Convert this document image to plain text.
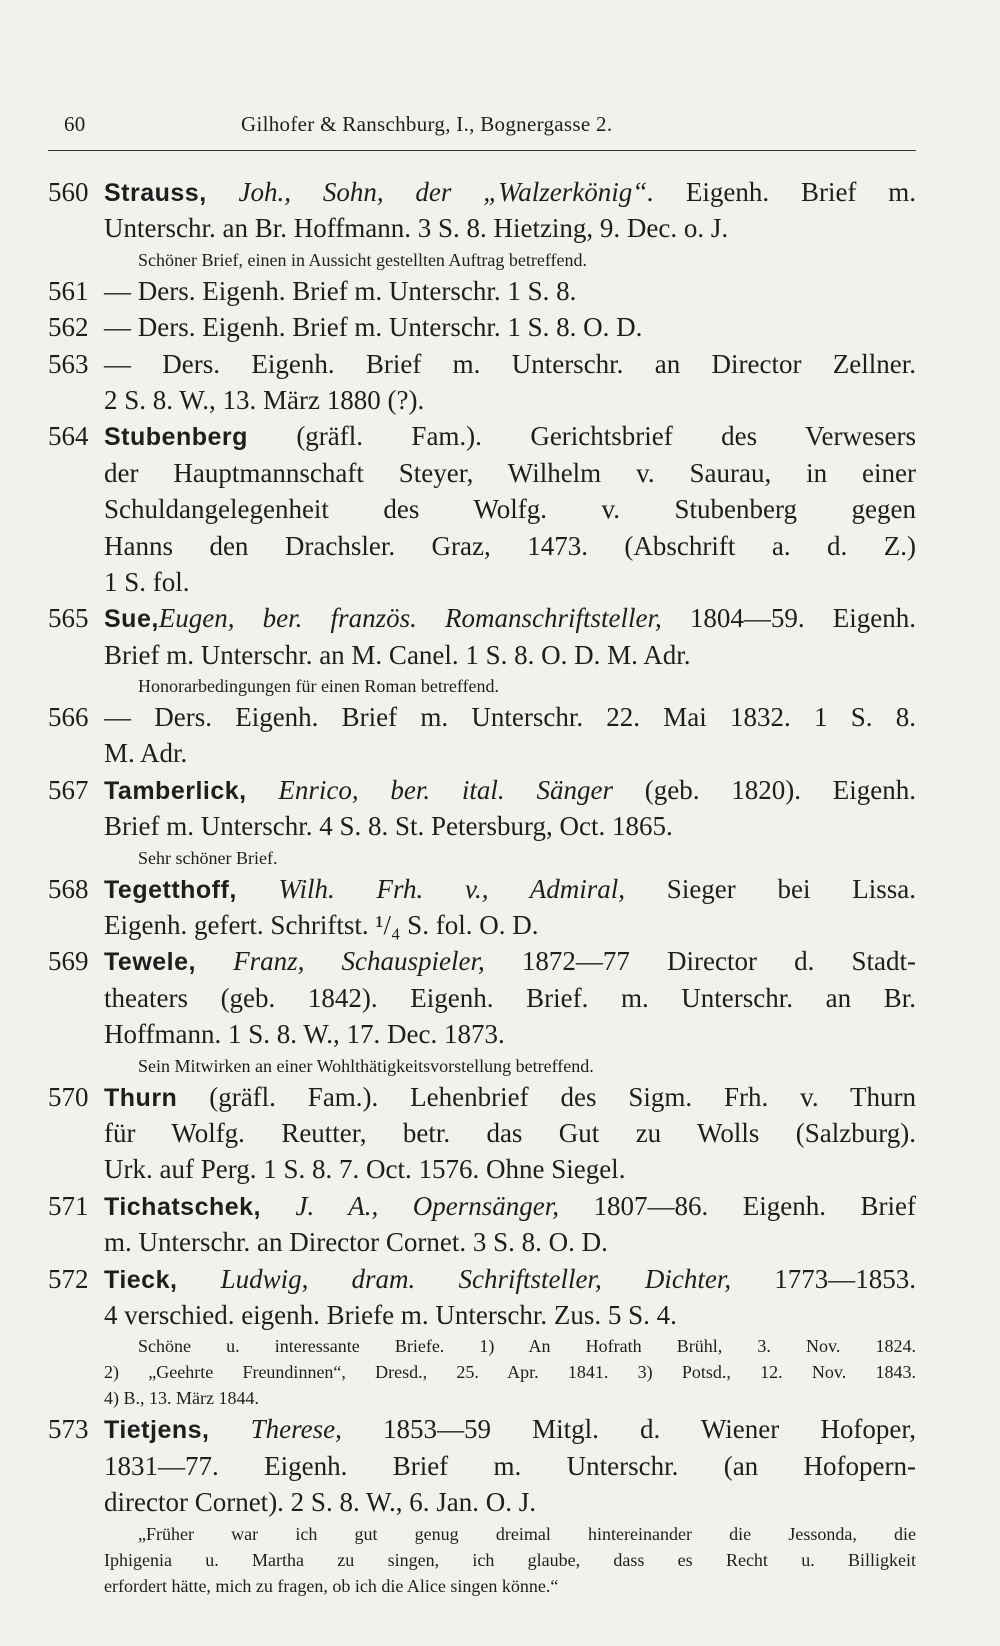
60	Gilhofer & Ranschburg, I., Bognergasse 2.
560 Strauss, Joh., Sohn, der „Walzerkönig“. Eigenh. Brief m.
Unterschr. an Br. Hoffmann. 3 S. 8. Hietzing, 9. Dec. o. J.
Schöner Brief, einen in Aussicht gestellten Auftrag betreffend.
561 — Ders. Eigenh. Brief m. Unterschr. 1 S. 8.
562 — Ders. Eigenh. Brief m. Unterschr. 1 S. 8. O. D.
563 — Ders. Eigenh. Brief m. Unterschr. an Director Zellner.
2 S. 8. W., 13. März 1880 (?).
564 Stubenberg (gräfl. Fam.). Gerichtsbrief des Verwesers
der Hauptmannschaft Steyer, Wilhelm v. Saurau, in einer
Schuldangelegenheit des Wolfg. v. Stubenberg gegen
Hanns den Drachsler. Graz, 1473. (Abschrift a. d. Z.)
1 S. fol.
565 Sue,Eugen, ber. französ. Romanschriftsteller, 1804—59. Eigenh.
Brief m. Unterschr. an M. Canel. 1 S. 8. O. D. M. Adr.
Honorarbedingungen für einen Roman betreffend.
566 — Ders. Eigenh. Brief m. Unterschr. 22. Mai 1832. 1 S. 8.
M. Adr.
567 Tamberlick, Enrico, ber. ital. Sänger (geb. 1820). Eigenh.
Brief m. Unterschr. 4 S. 8. St. Petersburg, Oct. 1865.
Sehr schöner Brief.
568 Tegetthoff, Wilh. Frh. v., Admiral, Sieger bei Lissa.
Eigenh. gefert. Schriftst. ¹/₄ S. fol. O. D.
569 Tewele, Franz, Schauspieler, 1872—77 Director d. Stadt-
theaters (geb. 1842). Eigenh. Brief. m. Unterschr. an Br.
Hoffmann. 1 S. 8. W., 17. Dec. 1873.
Sein Mitwirken an einer Wohlthätigkeitsvorstellung betreffend.
570 Thurn (gräfl. Fam.). Lehenbrief des Sigm. Frh. v. Thurn
für Wolfg. Reutter, betr. das Gut zu Wolls (Salzburg).
Urk. auf Perg. 1 S. 8. 7. Oct. 1576. Ohne Siegel.
571 Tichatschek, J. A., Opernsänger, 1807—86. Eigenh. Brief
m. Unterschr. an Director Cornet. 3 S. 8. O. D.
572 Tieck, Ludwig, dram. Schriftsteller, Dichter, 1773—1853.
4 verschied. eigenh. Briefe m. Unterschr. Zus. 5 S. 4.
Schöne u. interessante Briefe. 1) An Hofrath Brühl, 3. Nov. 1824.
2) „Geehrte Freundinnen“, Dresd., 25. Apr. 1841. 3) Potsd., 12. Nov. 1843.
4) B., 13. März 1844.
573 Tietjens, Therese, 1853—59 Mitgl. d. Wiener Hofoper,
1831—77. Eigenh. Brief m. Unterschr. (an Hofopern-
director Cornet). 2 S. 8. W., 6. Jan. O. J.
„Früher war ich gut genug dreimal hintereinander die Jessonda, die
Iphigenia u. Martha zu singen, ich glaube, dass es Recht u. Billigkeit
erfordert hätte, mich zu fragen, ob ich die Alice singen könne.“
